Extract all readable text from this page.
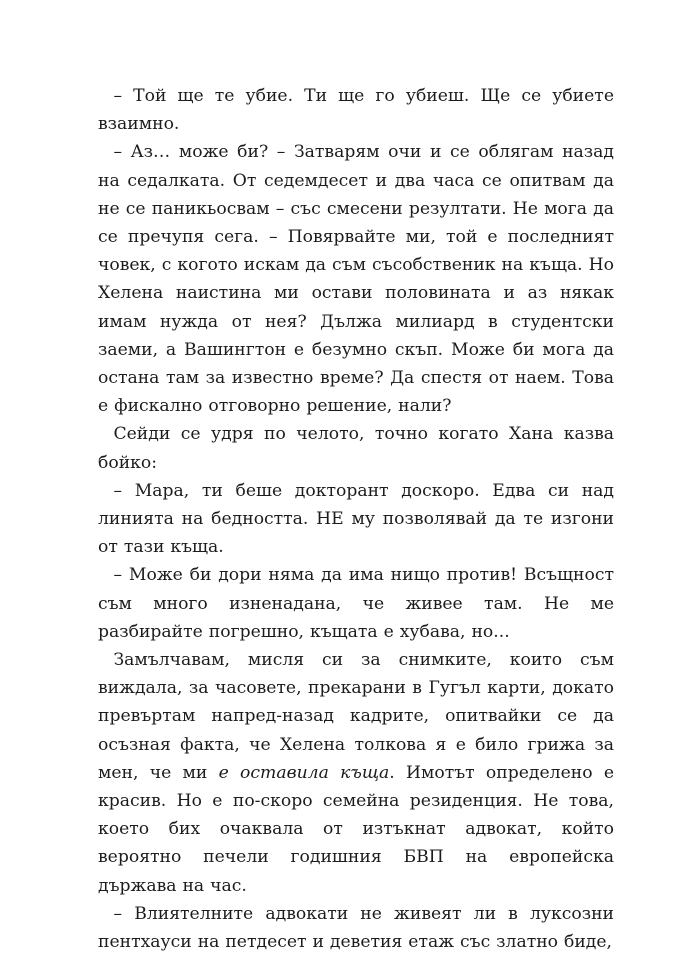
– Той ще те убие. Ти ще го убиеш. Ще се убиете взаимно.

– Аз… може би? – Затварям очи и се облягам назад на седалката. От седемдесет и два часа се опитвам да не се паникьосвам – със смесени резултати. Не мога да се пречупя сега. – Повярвайте ми, той е последният човек, с когото искам да съм съсобственик на къща. Но Хелена наистина ми остави половината и аз някак имам нужда от нея? Дължа милиард в студентски заеми, а Вашингтон е безумно скъп. Може би мога да остана там за известно време? Да спестя от наем. Това е фискално отговорно решение, нали?

Сейди се удря по челото, точно когато Хана казва бойко:

– Мара, ти беше докторант доскоро. Едва си над линията на бедността. НЕ му позволявай да те изгони от тази къща.

– Може би дори няма да има нищо против! Всъщност съм много изненадана, че живее там. Не ме разбирайте погрешно, къщата е хубава, но...

Замълчавам, мисля си за снимките, които съм виждала, за часовете, прекарани в Гугъл карти, докато превъртам напред-назад кадрите, опитвайки се да осъзная факта, че Хелена толкова я е било грижа за мен, че ми е оставила къща. Имотът определено е красив. Но е по-скоро семейна резиденция. Не това, което бих очаквала от изтъкнат адвокат, който вероятно печели годишния БВП на европейска държава на час.

– Влиятелните адвокати не живеят ли в луксозни пентхауси на петдесет и деветия етаж със златно биде,
